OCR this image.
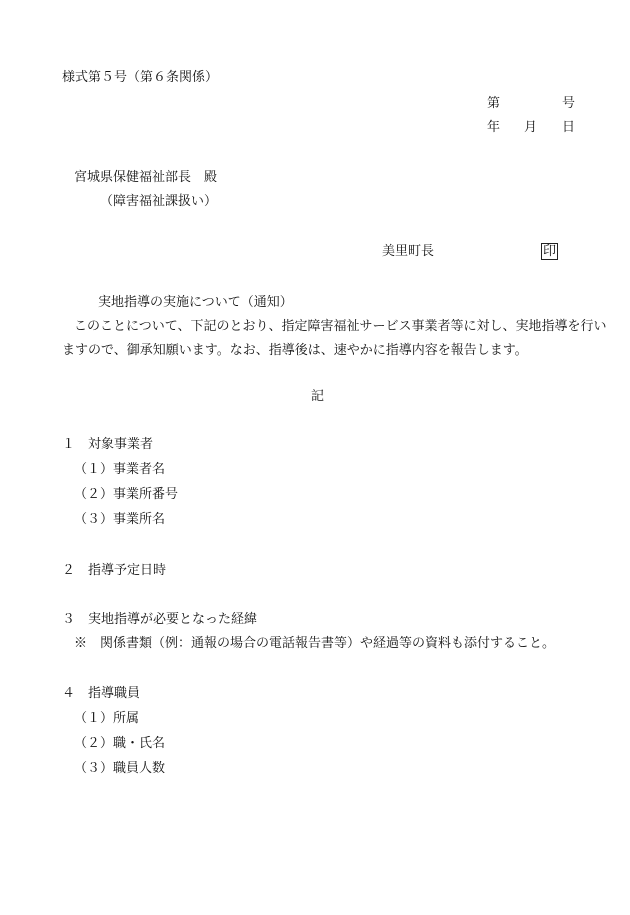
様式第５号（第６条関係）
第	号
年 月 日
宮城県保健福祉部長　殿
（障害福祉課扱い）
美里町長	印
実地指導の実施について（通知）
このことについて、下記のとおり、指定障害福祉サービス事業者等に対し、実地指導を行い
ますので、御承知願います。なお、指導後は、速やかに指導内容を報告します。
記
１　対象事業者
（１）事業者名
（２）事業所番号
（３）事業所名
２　指導予定日時
３　実地指導が必要となった経緯
※　関係書類（例：通報の場合の電話報告書等）や経過等の資料も添付すること。
４　指導職員
（１）所属
（２）職・氏名
（３）職員人数
